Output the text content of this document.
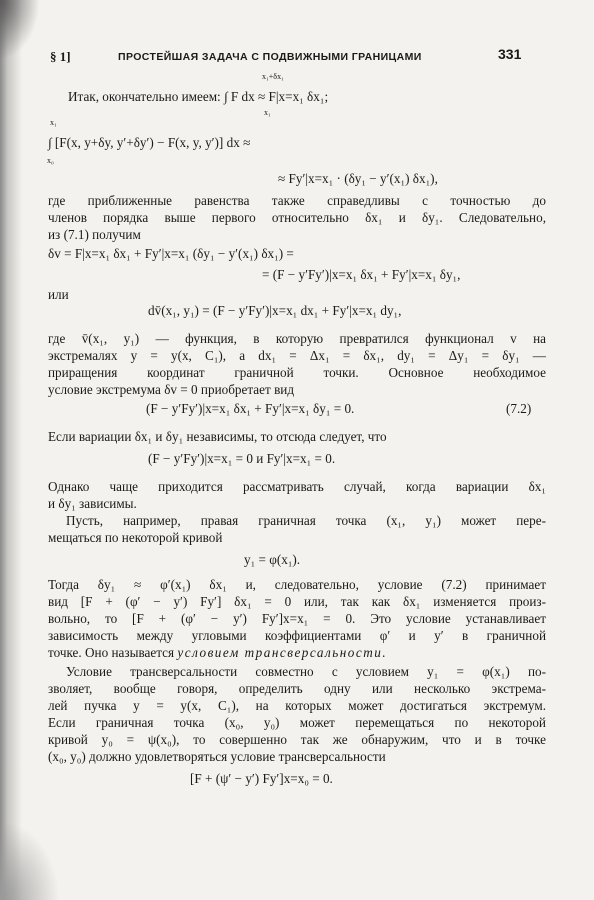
§ 1]	ПРОСТЕЙШАЯ ЗАДАЧА С ПОДВИЖНЫМИ ГРАНИЦАМИ	331
x₁+δx₁
Итак, окончательно имеем: ∫ F dx ≈ F|x=x₁ δx₁;
x₁
x₁
∫ [F(x, y+δy, y′+δy′) − F(x, y, y′)] dx ≈
x₀
≈ Fy′|x=x₁ · (δy₁ − y′(x₁) δx₁),
где приближенные равенства также справедливы с точностью до
членов порядка выше первого относительно δx₁ и δy₁. Следовательно,
из (7.1) получим
δv = F|x=x₁ δx₁ + Fy′|x=x₁ (δy₁ − y′(x₁) δx₁) =
= (F − y′Fy′)|x=x₁ δx₁ + Fy′|x=x₁ δy₁,
или
dv̄(x₁, y₁) = (F − y′Fy′)|x=x₁ dx₁ + Fy′|x=x₁ dy₁,
где v̄(x₁, y₁) — функция, в которую превратился функционал v на
экстремалях y = y(x, C₁), а dx₁ = Δx₁ = δx₁, dy₁ = Δy₁ = δy₁ —
приращения координат граничной точки. Основное необходимое
условие экстремума δv = 0 приобретает вид
(F − y′Fy′)|x=x₁ δx₁ + Fy′|x=x₁ δy₁ = 0.	(7.2)
Если вариации δx₁ и δy₁ независимы, то отсюда следует, что
(F − y′Fy′)|x=x₁ = 0 и Fy′|x=x₁ = 0.
Однако чаще приходится рассматривать случай, когда вариации δx₁
и δy₁ зависимы.
Пусть, например, правая граничная точка (x₁, y₁) может пере-
мещаться по некоторой кривой
y₁ = φ(x₁).
Тогда δy₁ ≈ φ′(x₁) δx₁ и, следовательно, условие (7.2) принимает
вид [F + (φ′ − y′) Fy′] δx₁ = 0 или, так как δx₁ изменяется произ-
вольно, то [F + (φ′ − y′) Fy′]x=x₁ = 0. Это условие устанавливает
зависимость между угловыми коэффициентами φ′ и y′ в граничной
точке. Оно называется условием трансверсальности.
Условие трансверсальности совместно с условием y₁ = φ(x₁) по-
зволяет, вообще говоря, определить одну или несколько экстрема-
лей пучка y = y(x, C₁), на которых может достигаться экстремум.
Если граничная точка (x₀, y₀) может перемещаться по некоторой
кривой y₀ = ψ(x₀), то совершенно так же обнаружим, что и в точке
(x₀, y₀) должно удовлетворяться условие трансверсальности
[F + (ψ′ − y′) Fy′]x=x₀ = 0.
